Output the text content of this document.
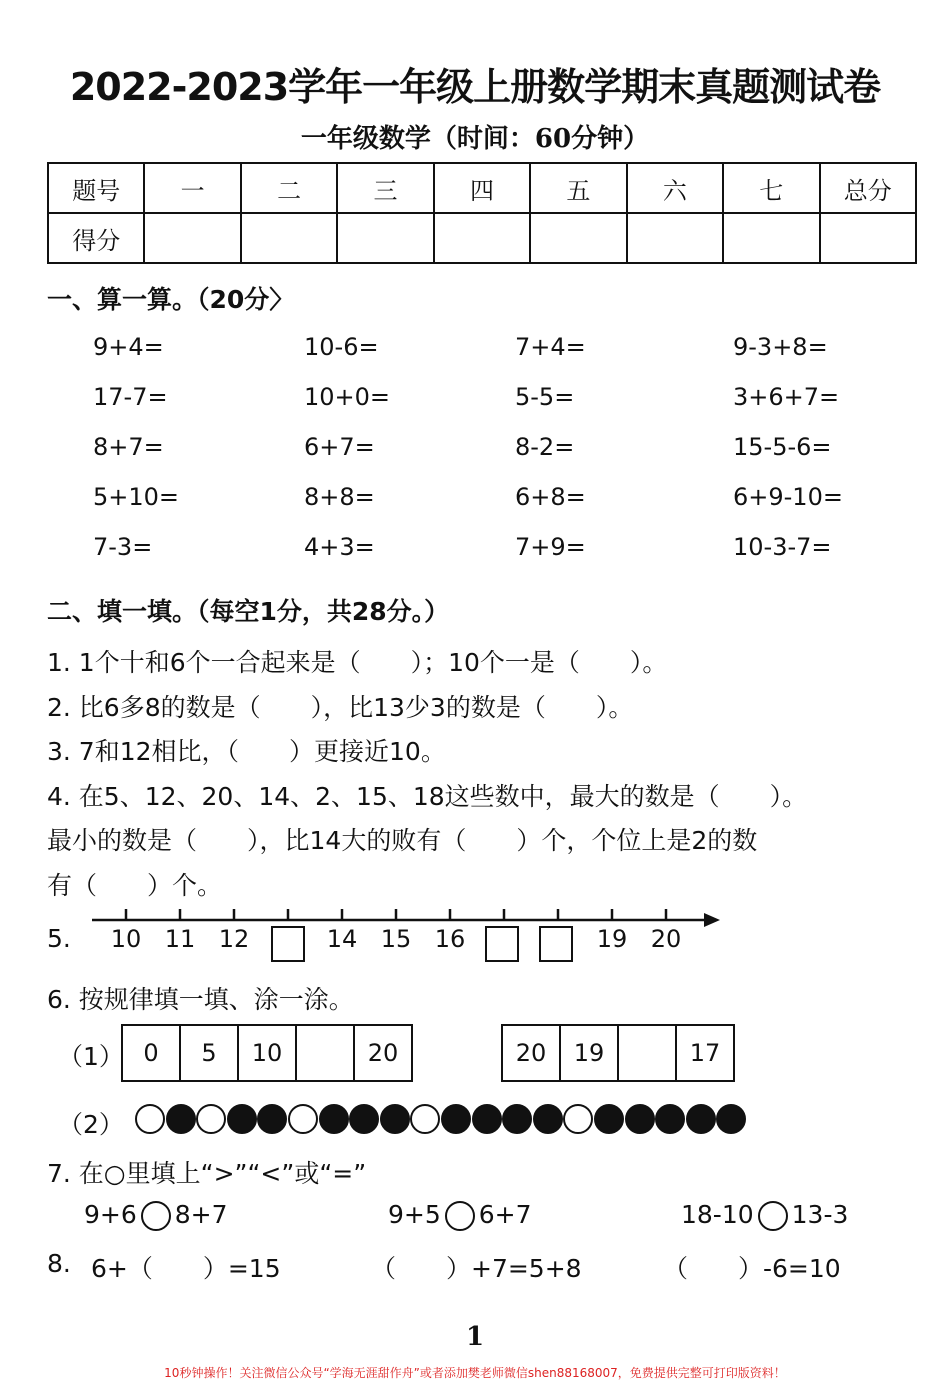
2022-2023学年一年级上册数学期末真题测试卷
一年级数学（时间：60分钟）
题号	一	二	三	四	五	六	七	总分
得分								
一、算一算。（20分〉
9+4=	10-6=	7+4=	9-3+8=
17-7=	10+0=	5-5=	3+6+7=
8+7=	6+7=	8-2=	15-5-6=
5+10=	8+8=	6+8=	6+9-10=
7-3=	4+3=	7+9=	10-3-7=
二、填一填。（每空1分，共28分。）
1. 1个十和6个一合起来是（　　）；10个一是（　　）。
2. 比6多8的数是（　　），比13少3的数是（　　）。
3. 7和12相比，（　　）更接近10。
4. 在5、12、20、14、2、15、18这些数中，最大的数是（　　）。
最小的数是（　　），比14大的败有（　　）个，个位上是2的数
有（　　）个。
5. 10 11 12	14 15 16	19 20
6. 按规律填一填、涂一涂。
（1） 0	5	10		20	20	19		17
（2）
7. 在○里填上“>”“<”或“=”
9+6 8+7	9+5 6+7	18-10 13-3
8. 6+（　　）=15	（　　）+7=5+8	（　　）-6=10
1
10秒钟操作！关注微信公众号“学海无涯甜作舟”或者添加樊老师微信shen88168007，免费提供完整可打印版资料！
